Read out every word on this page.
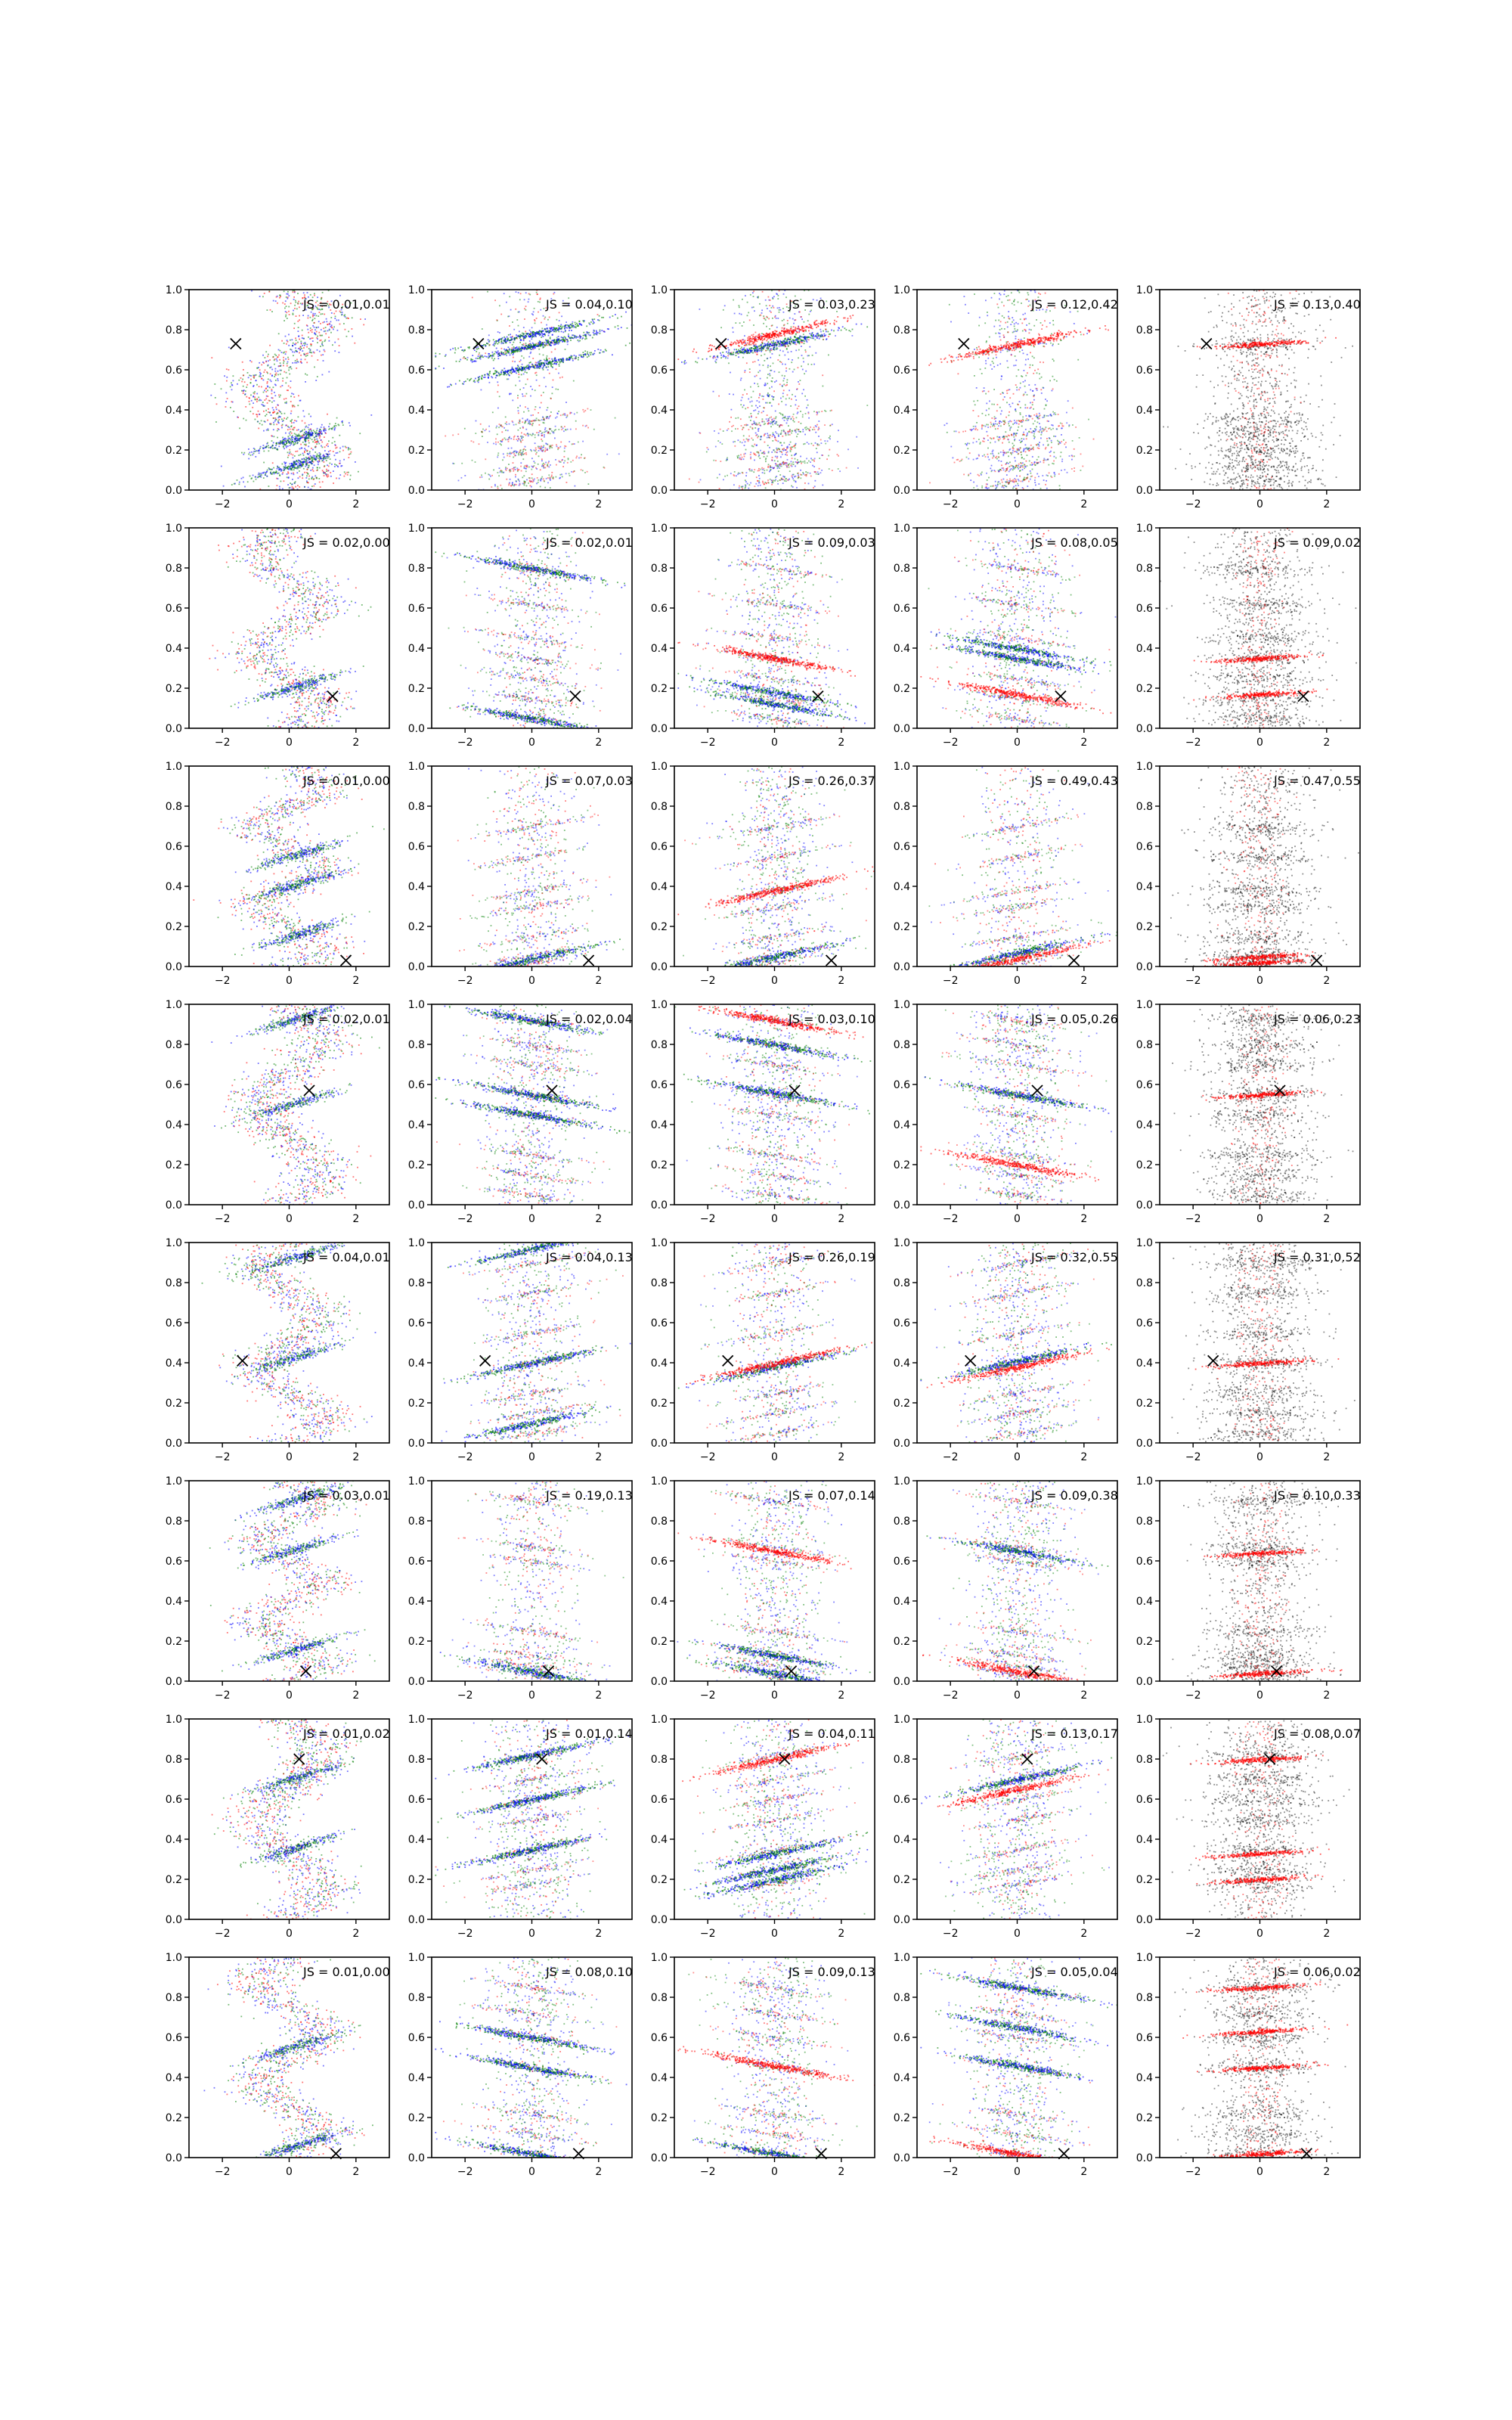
0.0
0.2
0.4
0.6
0.8
1.0
−2	0	2
JS = 0.01,0.01
0.0
0.2
0.4
0.6
0.8
1.0
−2	0	2
JS = 0.04,0.10
0.0
0.2
0.4
0.6
0.8
1.0
−2	0	2
JS = 0.03,0.23
0.0
0.2
0.4
0.6
0.8
1.0
−2	0	2
JS = 0.12,0.42
0.0
0.2
0.4
0.6
0.8
1.0
−2	0	2
JS = 0.13,0.40
0.0
0.2
0.4
0.6
0.8
1.0
−2	0	2
JS = 0.02,0.00
0.0
0.2
0.4
0.6
0.8
1.0
−2	0	2
JS = 0.02,0.01
0.0
0.2
0.4
0.6
0.8
1.0
−2	0	2
JS = 0.09,0.03
0.0
0.2
0.4
0.6
0.8
1.0
−2	0	2
JS = 0.08,0.05
0.0
0.2
0.4
0.6
0.8
1.0
−2	0	2
JS = 0.09,0.02
0.0
0.2
0.4
0.6
0.8
1.0
−2	0	2
JS = 0.01,0.00
0.0
0.2
0.4
0.6
0.8
1.0
−2	0	2
JS = 0.07,0.03
0.0
0.2
0.4
0.6
0.8
1.0
−2	0	2
JS = 0.26,0.37
0.0
0.2
0.4
0.6
0.8
1.0
−2	0	2
JS = 0.49,0.43
0.0
0.2
0.4
0.6
0.8
1.0
−2	0	2
JS = 0.47,0.55
0.0
0.2
0.4
0.6
0.8
1.0
−2	0	2
JS = 0.02,0.01
0.0
0.2
0.4
0.6
0.8
1.0
−2	0	2
JS = 0.02,0.04
0.0
0.2
0.4
0.6
0.8
1.0
−2	0	2
JS = 0.03,0.10
0.0
0.2
0.4
0.6
0.8
1.0
−2	0	2
JS = 0.05,0.26
0.0
0.2
0.4
0.6
0.8
1.0
−2	0	2
JS = 0.06,0.23
0.0
0.2
0.4
0.6
0.8
1.0
−2	0	2
JS = 0.04,0.01
0.0
0.2
0.4
0.6
0.8
1.0
−2	0	2
JS = 0.04,0.13
0.0
0.2
0.4
0.6
0.8
1.0
−2	0	2
JS = 0.26,0.19
0.0
0.2
0.4
0.6
0.8
1.0
−2	0	2
JS = 0.32,0.55
0.0
0.2
0.4
0.6
0.8
1.0
−2	0	2
JS = 0.31,0.52
0.0
0.2
0.4
0.6
0.8
1.0
−2	0	2
JS = 0.03,0.01
0.0
0.2
0.4
0.6
0.8
1.0
−2	0	2
JS = 0.19,0.13
0.0
0.2
0.4
0.6
0.8
1.0
−2	0	2
JS = 0.07,0.14
0.0
0.2
0.4
0.6
0.8
1.0
−2	0	2
JS = 0.09,0.38
0.0
0.2
0.4
0.6
0.8
1.0
−2	0	2
JS = 0.10,0.33
0.0
0.2
0.4
0.6
0.8
1.0
−2	0	2
JS = 0.01,0.02
0.0
0.2
0.4
0.6
0.8
1.0
−2	0	2
JS = 0.01,0.14
0.0
0.2
0.4
0.6
0.8
1.0
−2	0	2
JS = 0.04,0.11
0.0
0.2
0.4
0.6
0.8
1.0
−2	0	2
JS = 0.13,0.17
0.0
0.2
0.4
0.6
0.8
1.0
−2	0	2
JS = 0.08,0.07
0.0
0.2
0.4
0.6
0.8
1.0
−2	0	2
JS = 0.01,0.00
0.0
0.2
0.4
0.6
0.8
1.0
−2	0	2
JS = 0.08,0.10
0.0
0.2
0.4
0.6
0.8
1.0
−2	0	2
JS = 0.09,0.13
0.0
0.2
0.4
0.6
0.8
1.0
−2	0	2
JS = 0.05,0.04
0.0
0.2
0.4
0.6
0.8
1.0
−2	0	2
JS = 0.06,0.02
